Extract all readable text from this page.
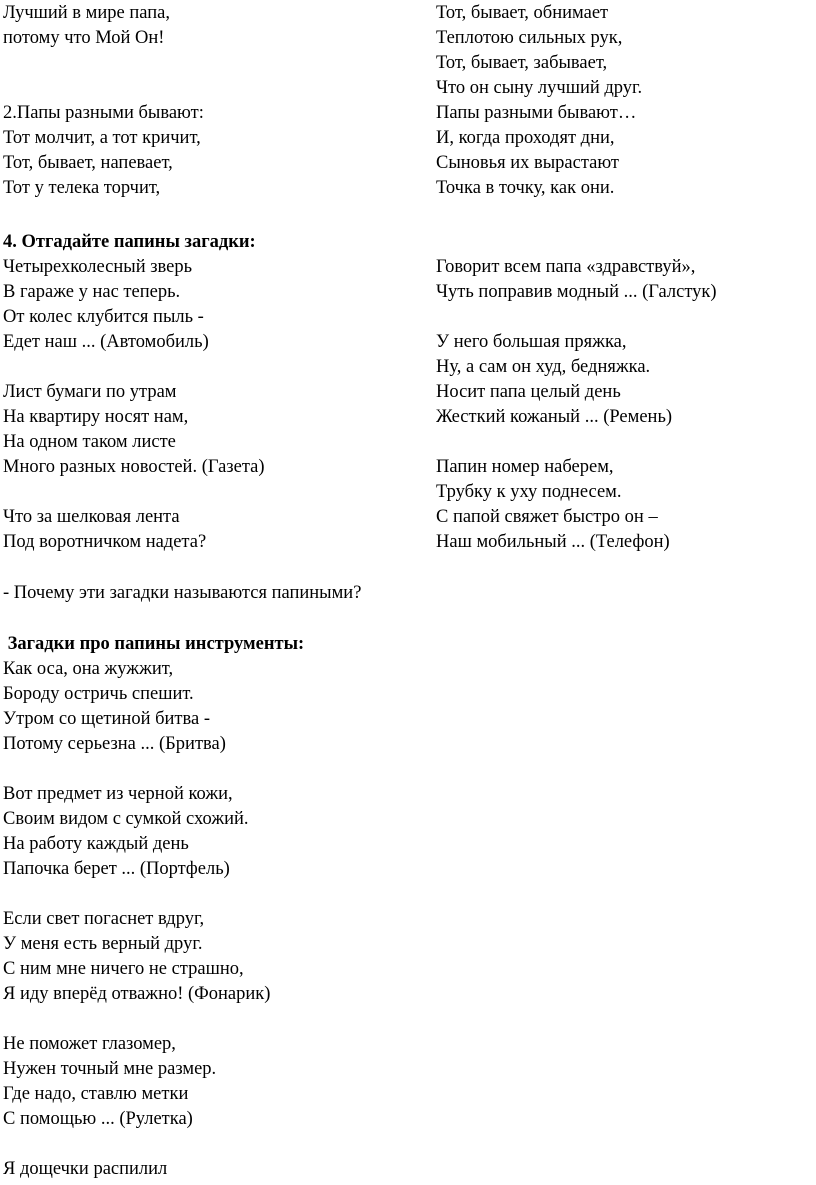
Лучший в мире папа,
потому что Мой Он!
2.Папы разными бывают:
Тот молчит, а тот кричит,
Тот, бывает, напевает,
Тот у телека торчит,
Тот, бывает, обнимает
Теплотою сильных рук,
Тот, бывает, забывает,
Что он сыну лучший друг.
Папы разными бывают…
И, когда проходят дни,
Сыновья их вырастают
Точка в точку, как они.
4. Отгадайте папины загадки:
Четырехколесный зверь
В гараже у нас теперь.
От колес клубится пыль -
Едет наш ... (Автомобиль)
Лист бумаги по утрам
На квартиру носят нам,
На одном таком листе
Много разных новостей. (Газета)
Что за шелковая лента
Под воротничком надета?
Говорит всем папа «здравствуй»,
Чуть поправив модный ... (Галстук)
У него большая пряжка,
Ну, а сам он худ, бедняжка.
Носит папа целый день
Жесткий кожаный ... (Ремень)
Папин номер наберем,
Трубку к уху поднесем.
С папой свяжет быстро он –
Наш мобильный ... (Телефон)
- Почему эти загадки называются папиными?
Загадки про папины инструменты:
Как оса, она жужжит,
Бороду остричь спешит.
Утром со щетиной битва -
Потому серьезна ... (Бритва)
Вот предмет из черной кожи,
Своим видом с сумкой схожий.
На работу каждый день
Папочка берет ... (Портфель)
Если свет погаснет вдруг,
У меня есть верный друг.
С ним мне ничего не страшно,
Я иду вперёд отважно! (Фонарик)
Не поможет глазомер,
Нужен точный мне размер.
Где надо, ставлю метки
С помощью ... (Рулетка)
Я дощечки распилил
